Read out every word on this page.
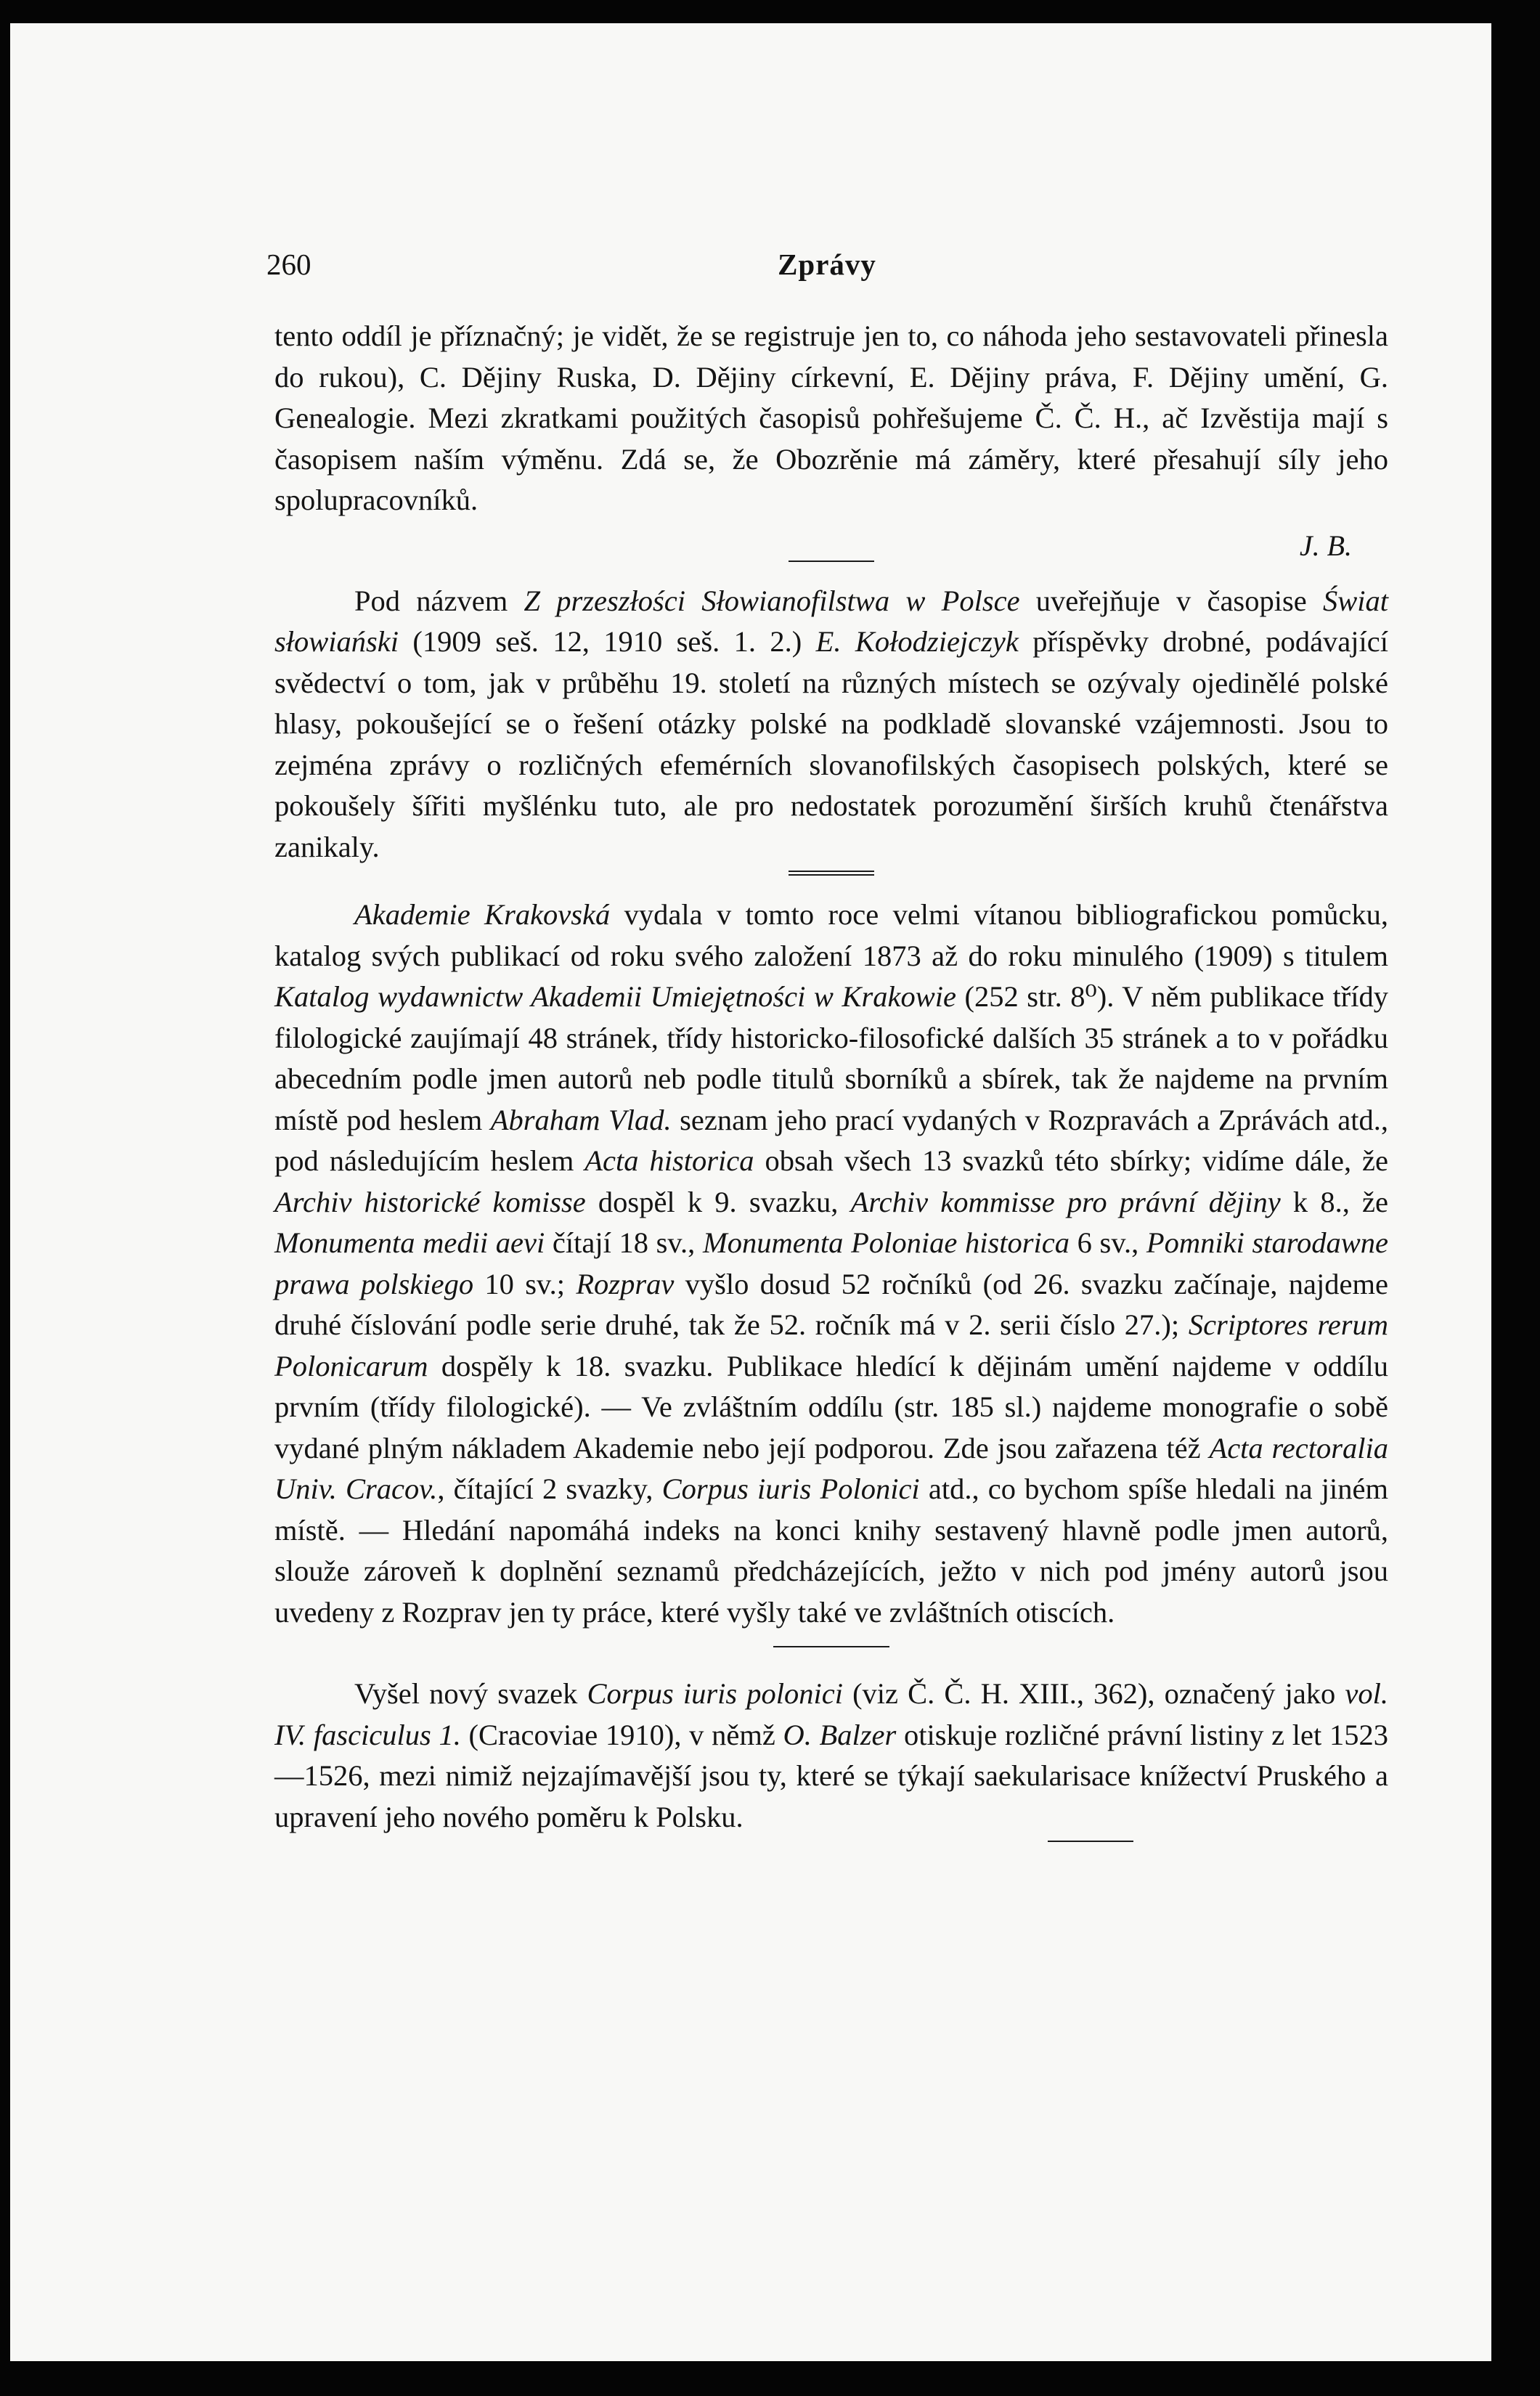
260	Zprávy

tento oddíl je příznačný; je vidět, že se registruje jen to, co náhoda jeho sestavovateli přinesla do rukou), C. Dějiny Ruska, D. Dějiny církevní, E. Dějiny práva, F. Dějiny umění, G. Genealogie. Mezi zkratkami použitých časopisů pohřešujeme Č. Č. H., ač Izvěstija mají s časopisem naším výměnu. Zdá se, že Obozrěnie má záměry, které přesahují síly jeho spolupracovníků.

J. B.

Pod názvem Z przeszłości Słowianofilstwa w Polsce uveřejňuje v časopise Świat słowiański (1909 seš. 12, 1910 seš. 1. 2.) E. Kołodziejczyk příspěvky drobné, podávající svědectví o tom, jak v průběhu 19. století na různých místech se ozývaly ojedinělé polské hlasy, pokoušející se o řešení otázky polské na podkladě slovanské vzájemnosti. Jsou to zejména zprávy o rozličných efemérních slovanofilských časopisech polských, které se pokoušely šířiti myšlénku tuto, ale pro nedostatek porozumění širších kruhů čtenářstva zanikaly.

Akademie Krakovská vydala v tomto roce velmi vítanou bibliografickou pomůcku, katalog svých publikací od roku svého založení 1873 až do roku minulého (1909) s titulem Katalog wydawnictw Akademii Umiejętności w Krakowie (252 str. 8⁰). V něm publikace třídy filologické zaujímají 48 stránek, třídy historicko-filosofické dalších 35 stránek a to v pořádku abecedním podle jmen autorů neb podle titulů sborníků a sbírek, tak že najdeme na prvním místě pod heslem Abraham Vlad. seznam jeho prací vydaných v Rozpravách a Zprávách atd., pod následujícím heslem Acta historica obsah všech 13 svazků této sbírky; vidíme dále, že Archiv historické komisse dospěl k 9. svazku, Archiv kommisse pro právní dějiny k 8., že Monumenta medii aevi čítají 18 sv., Monumenta Poloniae historica 6 sv., Pomniki starodawne prawa polskiego 10 sv.; Rozprav vyšlo dosud 52 ročníků (od 26. svazku začínaje, najdeme druhé číslování podle serie druhé, tak že 52. ročník má v 2. serii číslo 27.); Scriptores rerum Polonicarum dospěly k 18. svazku. Publikace hledící k dějinám umění najdeme v oddílu prvním (třídy filologické). — Ve zvláštním oddílu (str. 185 sl.) najdeme monografie o sobě vydané plným nákladem Akademie nebo její podporou. Zde jsou zařazena též Acta rectoralia Univ. Cracov., čítající 2 svazky, Corpus iuris Polonici atd., co bychom spíše hledali na jiném místě. — Hledání napomáhá indeks na konci knihy sestavený hlavně podle jmen autorů, slouže zároveň k doplnění seznamů předcházejících, ježto v nich pod jmény autorů jsou uvedeny z Rozprav jen ty práce, které vyšly také ve zvláštních otiscích.

Vyšel nový svazek Corpus iuris polonici (viz Č. Č. H. XIII., 362), označený jako vol. IV. fasciculus 1. (Cracoviae 1910), v němž O. Balzer otiskuje rozličné právní listiny z let 1523—1526, mezi nimiž nejzajímavější jsou ty, které se týkají saekularisace knížectví Pruského a upravení jeho nového poměru k Polsku.
